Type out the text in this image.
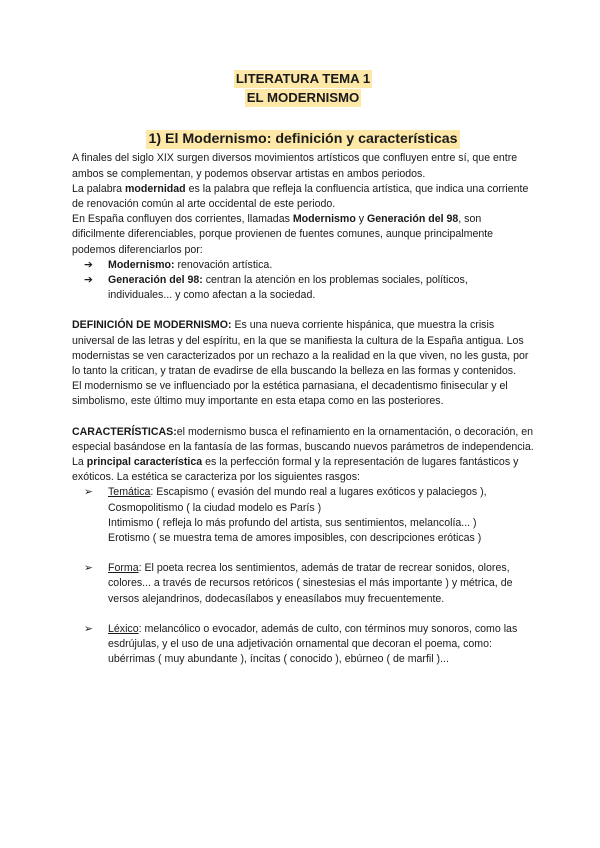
LITERATURA TEMA 1
EL MODERNISMO
1) El Modernismo: definición y características

A finales del siglo XIX surgen diversos movimientos artísticos que confluyen entre sí, que entre ambos se complementan, y podemos observar artistas en ambos periodos.

La palabra modernidad es la palabra que refleja la confluencia artística, que indica una corriente de renovación común al arte occidental de este periodo.

En España confluyen dos corrientes, llamadas Modernismo y Generación del 98, son dificilmente diferenciables, porque provienen de fuentes comunes, aunque principalmente podemos diferenciarlos por:

➔ Modernismo: renovación artística.
➔ Generación del 98: centran la atención en los problemas sociales, políticos, individuales... y como afectan a la sociedad.

DEFINICIÓN DE MODERNISMO: Es una nueva corriente hispánica, que muestra la crisis universal de las letras y del espíritu, en la que se manifiesta la cultura de la España antigua. Los modernistas se ven caracterizados por un rechazo a la realidad en la que viven, no les gusta, por lo tanto la critican, y tratan de evadirse de ella buscando la belleza en las formas y contenidos.

El modernismo se ve influenciado por la estética parnasiana, el decadentismo finisecular y el simbolismo, este último muy importante en esta etapa como en las posteriores.

CARACTERÍSTICAS:el modernismo busca el refinamiento en la ornamentación, o decoración, en especial basándose en la fantasía de las formas, buscando nuevos parámetros de independencia. La principal característica es la perfección formal y la representación de lugares fantásticos y exóticos. La estética se caracteriza por los siguientes rasgos:

➢ Temática: Escapismo ( evasión del mundo real a lugares exóticos y palaciegos ),
Cosmopolitismo ( la ciudad modelo es París )
Intimismo ( refleja lo más profundo del artista, sus sentimientos, melancolía... )
Erotismo ( se muestra tema de amores imposibles, con descripciones eróticas )
➢ Forma: El poeta recrea los sentimientos, además de tratar de recrear sonidos, olores, colores... a través de recursos retóricos ( sinestesias el más importante ) y métrica, de versos alejandrinos, dodecasílabos y eneasílabos muy frecuentemente.
➢ Léxico: melancólico o evocador, además de culto, con términos muy sonoros, como las esdrújulas, y el uso de una adjetivación ornamental que decoran el poema, como: ubérrimas ( muy abundante ), íncitas ( conocido ), ebúrneo ( de marfil )...
